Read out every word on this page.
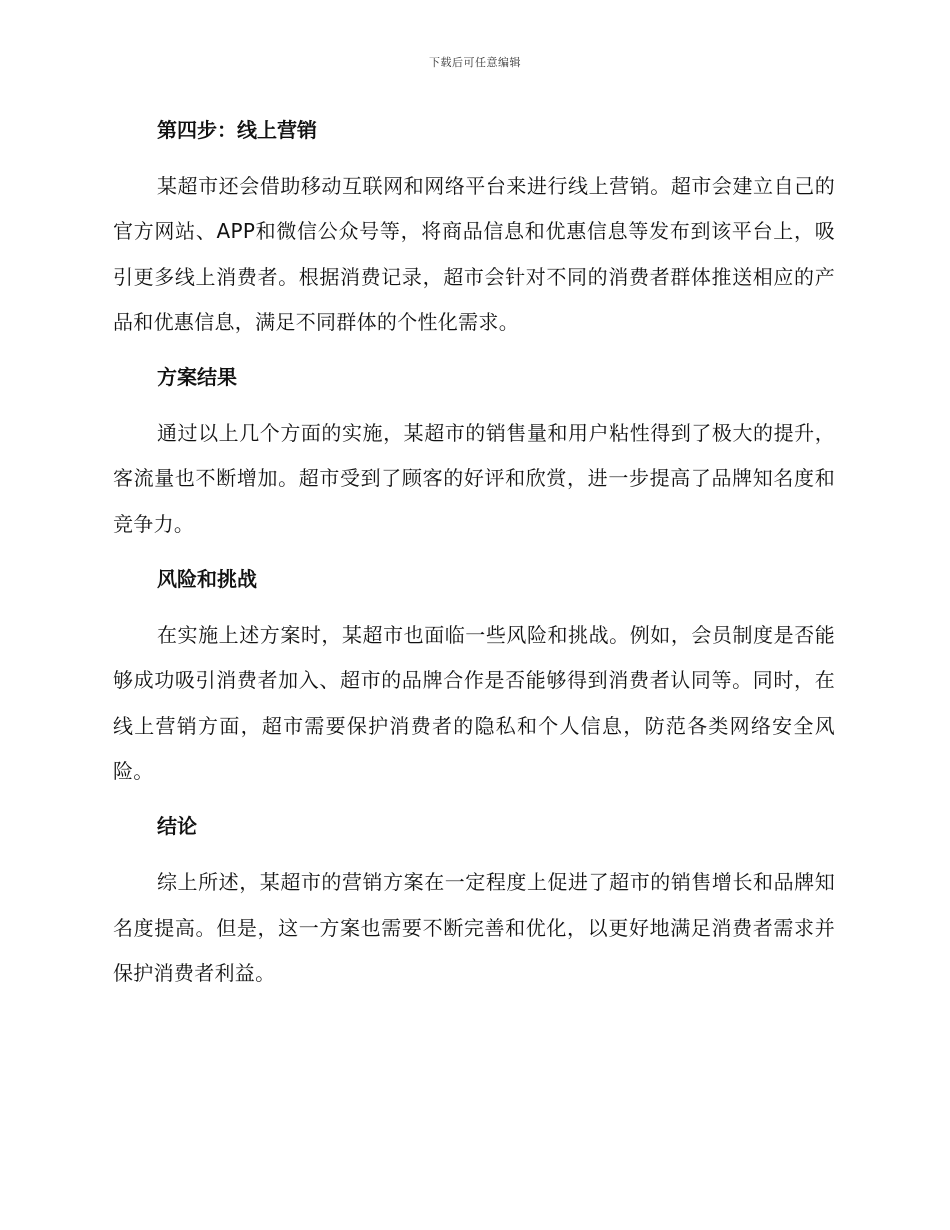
下载后可任意编辑
第四步：线上营销

某超市还会借助移动互联网和网络平台来进行线上营销。超市会建立自己的官方网站、APP和微信公众号等，将商品信息和优惠信息等发布到该平台上，吸引更多线上消费者。根据消费记录，超市会针对不同的消费者群体推送相应的产品和优惠信息，满足不同群体的个性化需求。

方案结果

通过以上几个方面的实施，某超市的销售量和用户粘性得到了极大的提升，客流量也不断增加。超市受到了顾客的好评和欣赏，进一步提高了品牌知名度和竞争力。

风险和挑战

在实施上述方案时，某超市也面临一些风险和挑战。例如，会员制度是否能够成功吸引消费者加入、超市的品牌合作是否能够得到消费者认同等。同时，在线上营销方面，超市需要保护消费者的隐私和个人信息，防范各类网络安全风险。

结论

综上所述，某超市的营销方案在一定程度上促进了超市的销售增长和品牌知名度提高。但是，这一方案也需要不断完善和优化，以更好地满足消费者需求并保护消费者利益。
